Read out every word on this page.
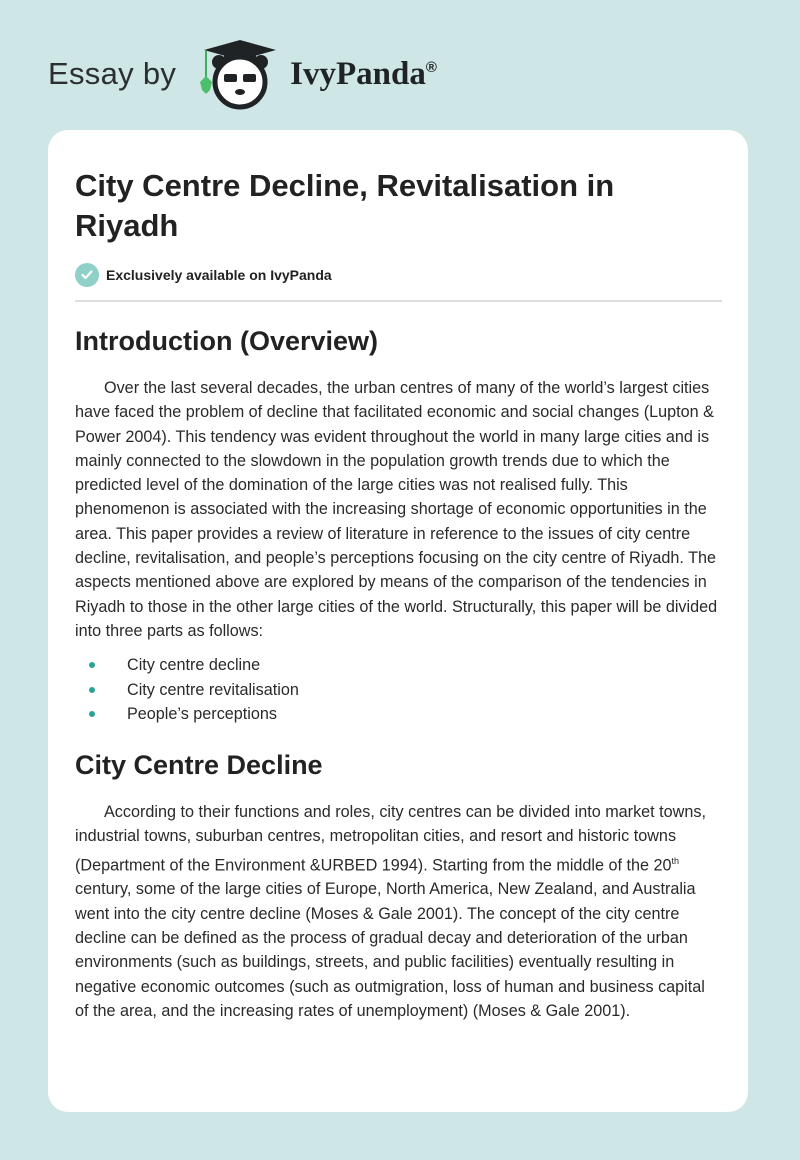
Essay by	IvyPanda®
City Centre Decline, Revitalisation in Riyadh
Exclusively available on IvyPanda
Introduction (Overview)

Over the last several decades, the urban centres of many of the world’s largest cities have faced the problem of decline that facilitated economic and social changes (Lupton & Power 2004). This tendency was evident throughout the world in many large cities and is mainly connected to the slowdown in the population growth trends due to which the predicted level of the domination of the large cities was not realised fully. This phenomenon is associated with the increasing shortage of economic opportunities in the area. This paper provides a review of literature in reference to the issues of city centre decline, revitalisation, and people’s perceptions focusing on the city centre of Riyadh. The aspects mentioned above are explored by means of the comparison of the tendencies in Riyadh to those in the other large cities of the world. Structurally, this paper will be divided into three parts as follows:

City centre decline
City centre revitalisation
People’s perceptions
City Centre Decline

According to their functions and roles, city centres can be divided into market towns, industrial towns, suburban centres, metropolitan cities, and resort and historic towns (Department of the Environment &URBED 1994). Starting from the middle of the 20th century, some of the large cities of Europe, North America, New Zealand, and Australia went into the city centre decline (Moses & Gale 2001). The concept of the city centre decline can be defined as the process of gradual decay and deterioration of the urban environments (such as buildings, streets, and public facilities) eventually resulting in negative economic outcomes (such as outmigration, loss of human and business capital of the area, and the increasing rates of unemployment) (Moses & Gale 2001).
